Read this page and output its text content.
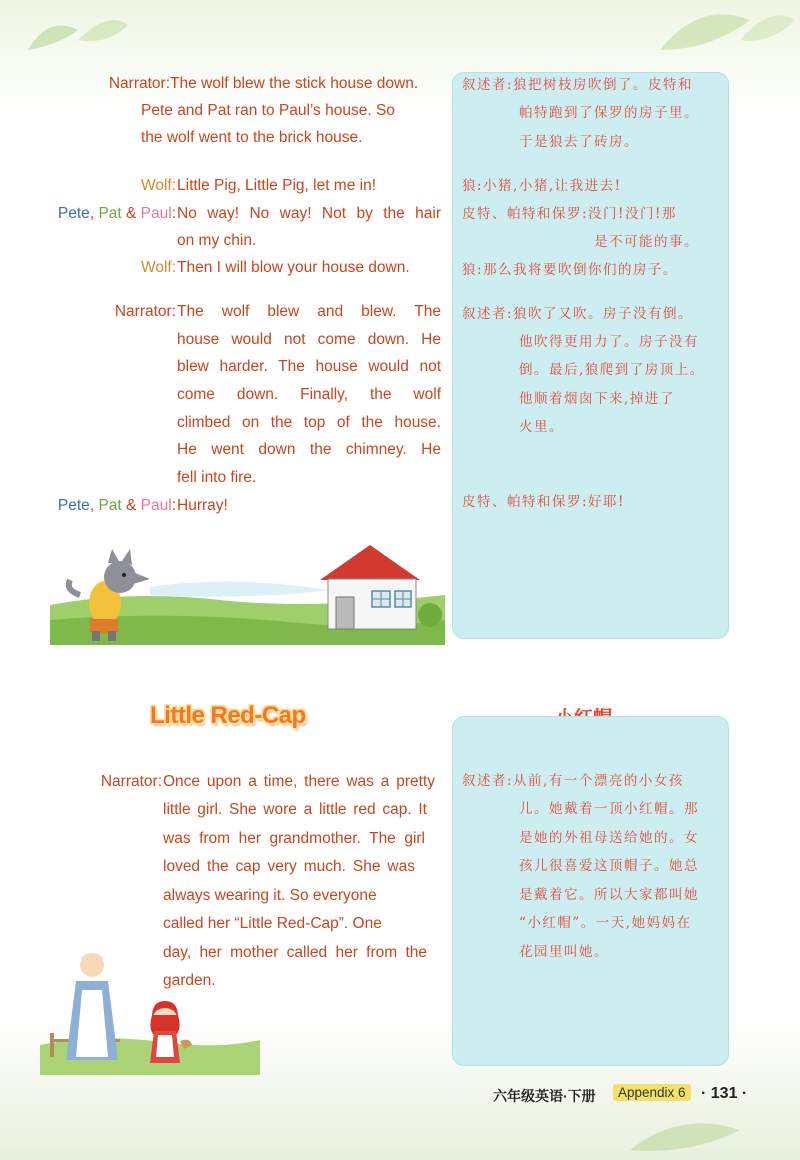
Narrator: The wolf blew the stick house down.
Pete and Pat ran to Paul’s house. So
the wolf went to the brick house.
Wolf: Little Pig, Little Pig, let me in!
Pete, Pat & Paul: No way! No way! Not by the hair
on my chin.
Wolf: Then I will blow your house down.
Narrator: The wolf blew and blew. The
house would not come down. He
blew harder. The house would not
come down. Finally, the wolf
climbed on the top of the house.
He went down the chimney. He
fell into fire.
Pete, Pat & Paul: Hurray!
叙述者:狼把树枝房吹倒了。皮特和
帕特跑到了保罗的房子里。
于是狼去了砖房。
狼:小猪,小猪,让我进去!
皮特、帕特和保罗:没门!没门!那
是不可能的事。
狼:那么我将要吹倒你们的房子。
叙述者:狼吹了又吹。房子没有倒。
他吹得更用力了。房子没有
倒。最后,狼爬到了房顶上。
他顺着烟囱下来,掉进了
火里。
皮特、帕特和保罗:好耶!
Little Red-Cap
Narrator: Once upon a time, there was a pretty
little girl. She wore a little red cap. It
was from her grandmother. The girl
loved the cap very much. She was
always wearing it. So everyone
called her “Little Red-Cap”. One
day, her mother called her from the
garden.
叙述者:从前,有一个漂亮的小女孩
儿。她戴着一顶小红帽。那
是她的外祖母送给她的。女
孩儿很喜爱这顶帽子。她总
是戴着它。所以大家都叫她
“小红帽”。一天,她妈妈在
花园里叫她。
六年级英语·下册	Appendix 6 · 131 ·
